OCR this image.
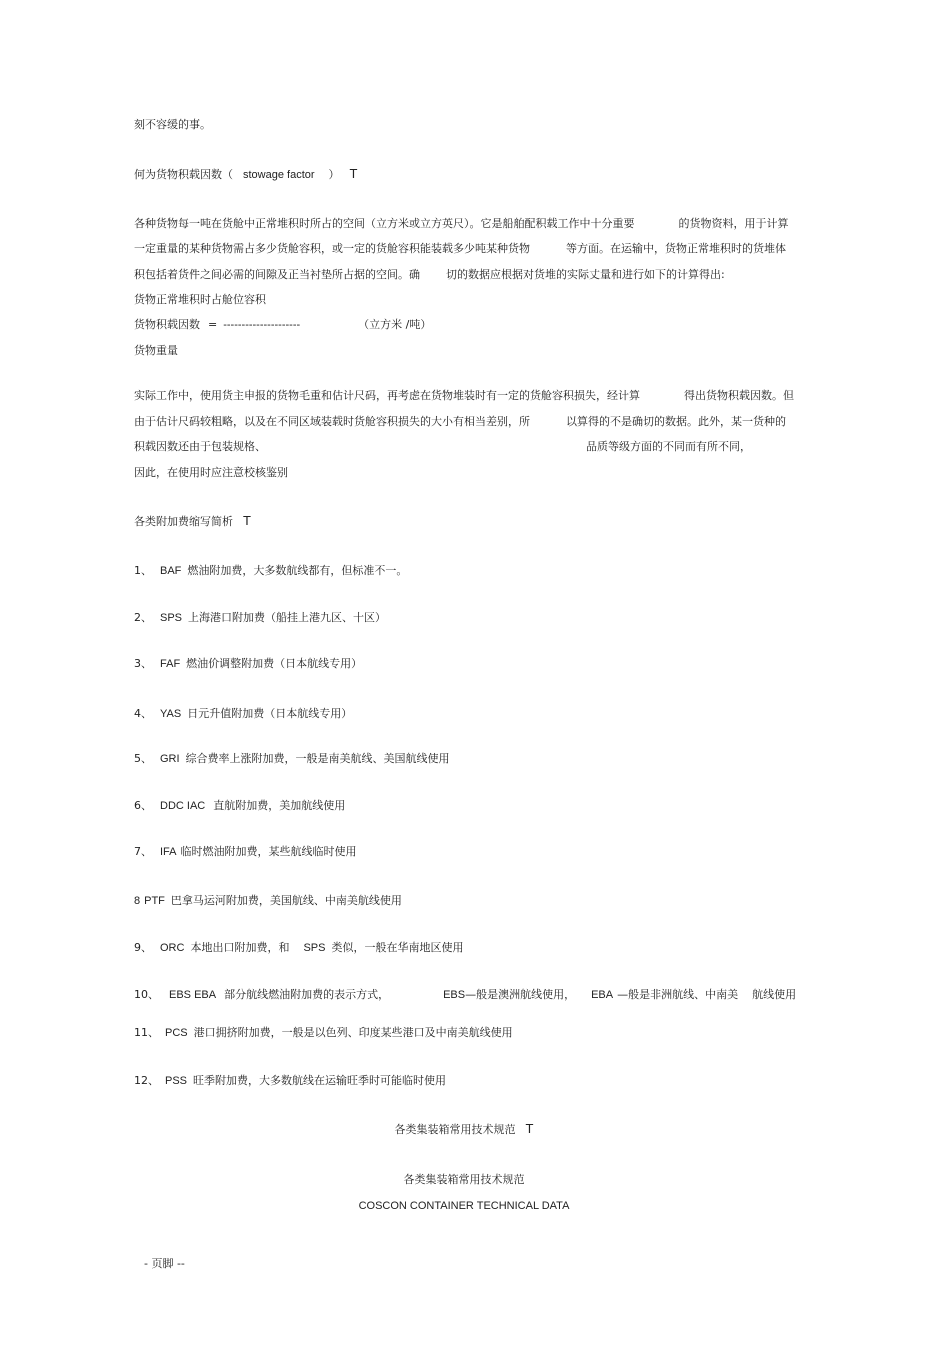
刻不容缓的事。
何为货物积载因数（ stowage factor ） T
各种货物每一吨在货舱中正常堆积时所占的空间（立方米或立方英尺）。它是船舶配积载工作中十分重要	的货物资料，用于计算
一定重量的某种货物需占多少货舱容积，或一定的货舱容积能装载多少吨某种货物	等方面。在运输中，货物正常堆积时的货堆体
积包括着货件之间必需的间隙及正当衬垫所占据的空间。确 切的数据应根据对货堆的实际丈量和进行如下的计算得出:
货物正常堆积时占舱位容积
货物积载因数 = ---------------------	（立方米 /吨）
货物重量
实际工作中，使用货主申报的货物毛重和估计尺码，再考虑在货物堆装时有一定的货舱容积损失，经计算	得出货物积载因数。但
由于估计尺码较粗略，以及在不同区域装载时货舱容积损失的大小有相当差别，所	以算得的不是确切的数据。此外，某一货种的
积载因数还由于包装规格、	品质等级方面的不同而有所不同，
因此，在使用时应注意校核鉴别
各类附加费缩写简析 T
1、 BAF 燃油附加费，大多数航线都有，但标准不一。
2、 SPS 上海港口附加费（船挂上港九区、十区）
3、 FAF 燃油价调整附加费（日本航线专用）
4、 YAS 日元升值附加费（日本航线专用）
5、 GRI 综合费率上涨附加费，一般是南美航线、美国航线使用
6、 DDC IAC 直航附加费，美加航线使用
7、 IFA 临时燃油附加费，某些航线临时使用
8 PTF 巴拿马运河附加费，美国航线、中南美航线使用
9、 ORC 本地出口附加费，和 SPS 类似，一般在华南地区使用
10、 EBS EBA 部分航线燃油附加费的表示方式，	EBS—般是澳洲航线使用， EBA —般是非洲航线、中南美 航线使用
11、 PCS 港口拥挤附加费，一般是以色列、印度某些港口及中南美航线使用
12、 PSS 旺季附加费，大多数航线在运输旺季时可能临时使用
各类集装箱常用技术规范 T
各类集装箱常用技术规范
COSCON CONTAINER TECHNICAL DATA
- 页脚 --
